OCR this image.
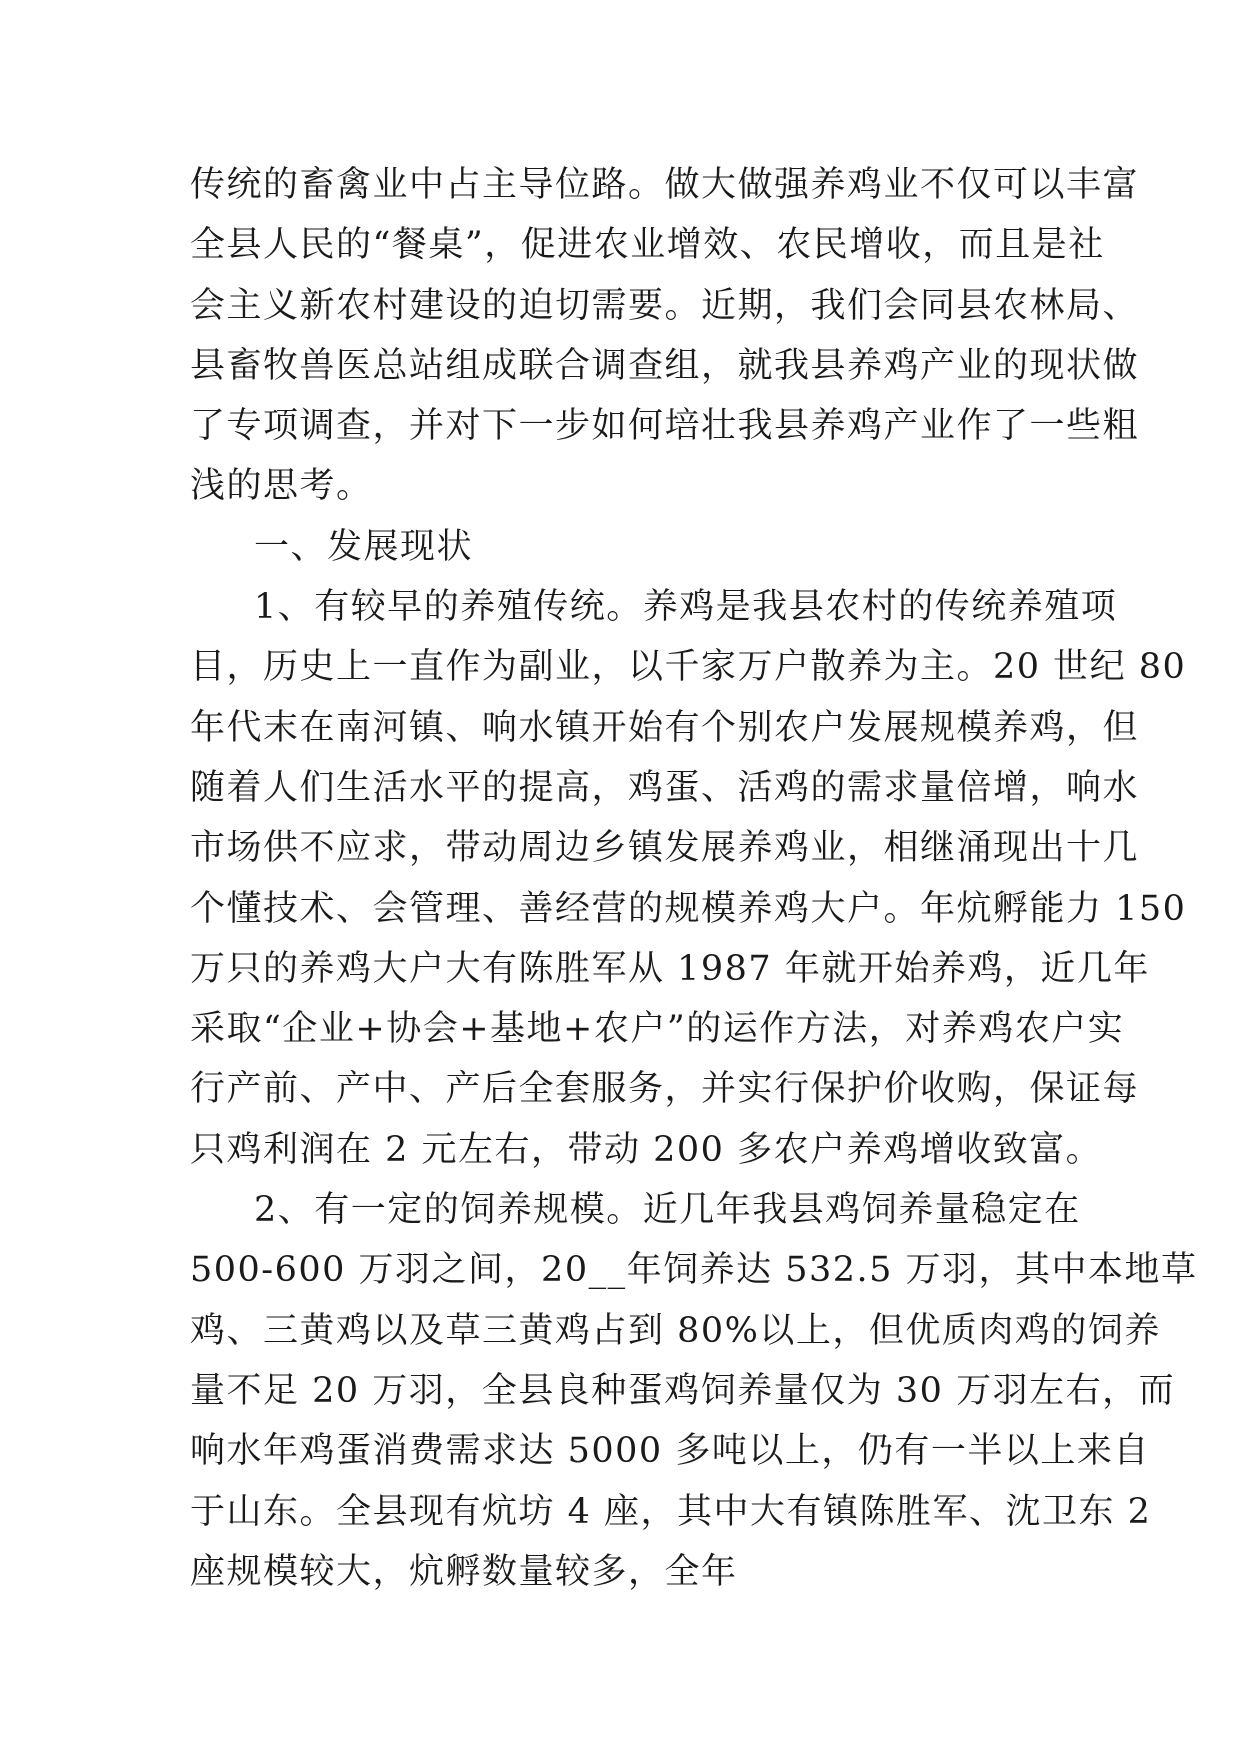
传统的畜禽业中占主导位路。做大做强养鸡业不仅可以丰富
全县人民的“餐桌”，促进农业增效、农民增收，而且是社
会主义新农村建设的迫切需要。近期，我们会同县农林局、
县畜牧兽医总站组成联合调查组，就我县养鸡产业的现状做
了专项调查，并对下一步如何培壮我县养鸡产业作了一些粗
浅的思考。
一、发展现状
1、有较早的养殖传统。养鸡是我县农村的传统养殖项
目，历史上一直作为副业，以千家万户散养为主。20 世纪 80
年代末在南河镇、响水镇开始有个别农户发展规模养鸡，但
随着人们生活水平的提高，鸡蛋、活鸡的需求量倍增，响水
市场供不应求，带动周边乡镇发展养鸡业，相继涌现出十几
个懂技术、会管理、善经营的规模养鸡大户。年炕孵能力 150
万只的养鸡大户大有陈胜军从 1987 年就开始养鸡，近几年
采取“企业+协会+基地+农户”的运作方法，对养鸡农户实
行产前、产中、产后全套服务，并实行保护价收购，保证每
只鸡利润在 2 元左右，带动 200 多农户养鸡增收致富。
2、有一定的饲养规模。近几年我县鸡饲养量稳定在
500-600 万羽之间，20__年饲养达 532.5 万羽，其中本地草
鸡、三黄鸡以及草三黄鸡占到 80%以上，但优质肉鸡的饲养
量不足 20 万羽，全县良种蛋鸡饲养量仅为 30 万羽左右，而
响水年鸡蛋消费需求达 5000 多吨以上，仍有一半以上来自
于山东。全县现有炕坊 4 座，其中大有镇陈胜军、沈卫东 2
座规模较大，炕孵数量较多，全年
